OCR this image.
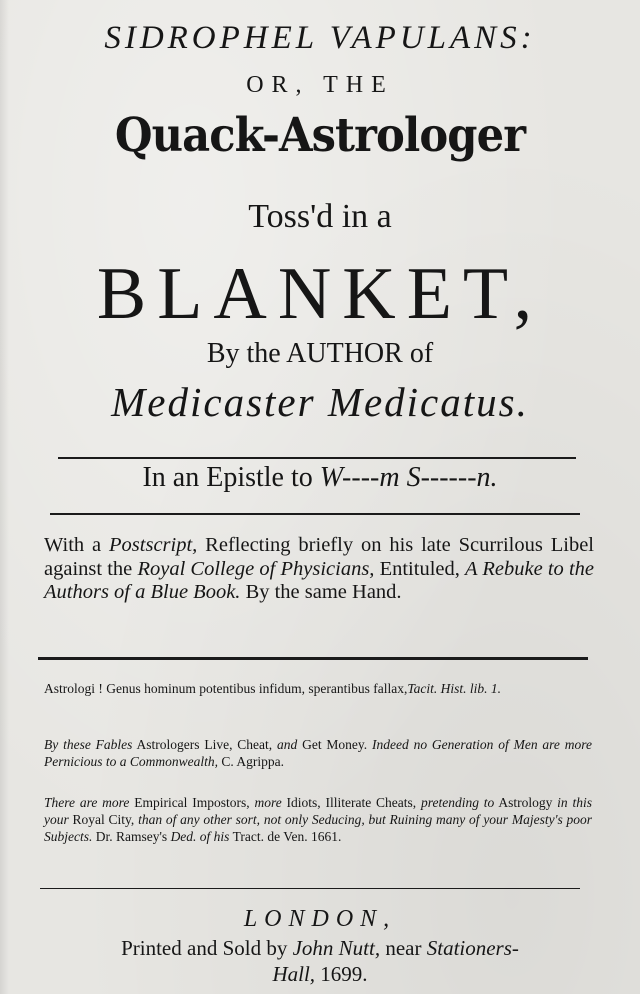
SIDROPHEL VAPULANS:
OR, THE
Quack-Astrologer
Toss'd in a
BLANKET,
By the AUTHOR of
Medicaster Medicatus.
In an Epistle to W----m S------n.
With a Postscript, Reflecting briefly on his late Scurrilous Libel against the Royal College of Physicians, Entituled, A Rebuke to the Authors of a Blue Book. By the same Hand.
Astrologi ! Genus hominum potentibus infidum, sperantibus fallax,Tacit. Hist. lib. 1.
By these Fables Astrologers Live, Cheat, and Get Money. Indeed no Generation of Men are more Pernicious to a Commonwealth, C. Agrippa.
There are more Empirical Impostors, more Idiots, Illiterate Cheats, pretending to Astrology in this your Royal City, than of any other sort, not only Seducing, but Ruining many of your Majesty's poor Subjects. Dr. Ramsey's Ded. of his Tract. de Ven. 1661.
LONDON,
Printed and Sold by John Nutt, near Stationers-
Hall, 1699.
